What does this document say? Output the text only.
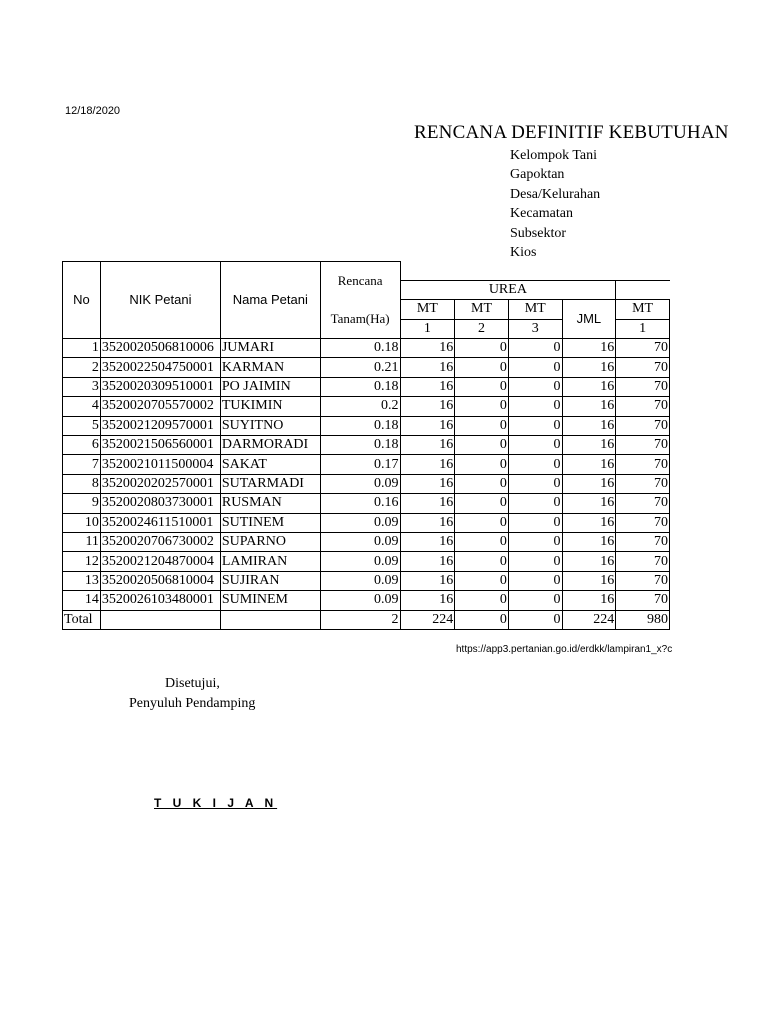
12/18/2020
RENCANA DEFINITIF KEBUTUHAN
Kelompok Tani
Gapoktan
Desa/Kelurahan
Kecamatan
Subsektor
Kios
No	NIK Petani	Nama Petani	Rencana					
				UREA				
			Tanam(Ha)	MT	MT	MT	JML	MT
				1	2	3		1
1	3520020506810006	JUMARI	0.18	16	0	0	16	70
2	3520022504750001	KARMAN	0.21	16	0	0	16	70
3	3520020309510001	PO JAIMIN	0.18	16	0	0	16	70
4	3520020705570002	TUKIMIN	0.2	16	0	0	16	70
5	3520021209570001	SUYITNO	0.18	16	0	0	16	70
6	3520021506560001	DARMORADI	0.18	16	0	0	16	70
7	3520021011500004	SAKAT	0.17	16	0	0	16	70
8	3520020202570001	SUTARMADI	0.09	16	0	0	16	70
9	3520020803730001	RUSMAN	0.16	16	0	0	16	70
10	3520024611510001	SUTINEM	0.09	16	0	0	16	70
11	3520020706730002	SUPARNO	0.09	16	0	0	16	70
12	3520021204870004	LAMIRAN	0.09	16	0	0	16	70
13	3520020506810004	SUJIRAN	0.09	16	0	0	16	70
14	3520026103480001	SUMINEM	0.09	16	0	0	16	70
Total			2	224	0	0	224	980
https://app3.pertanian.go.id/erdkk/lampiran1_x?c
Disetujui,
Penyuluh Pendamping
T U K I J A N
